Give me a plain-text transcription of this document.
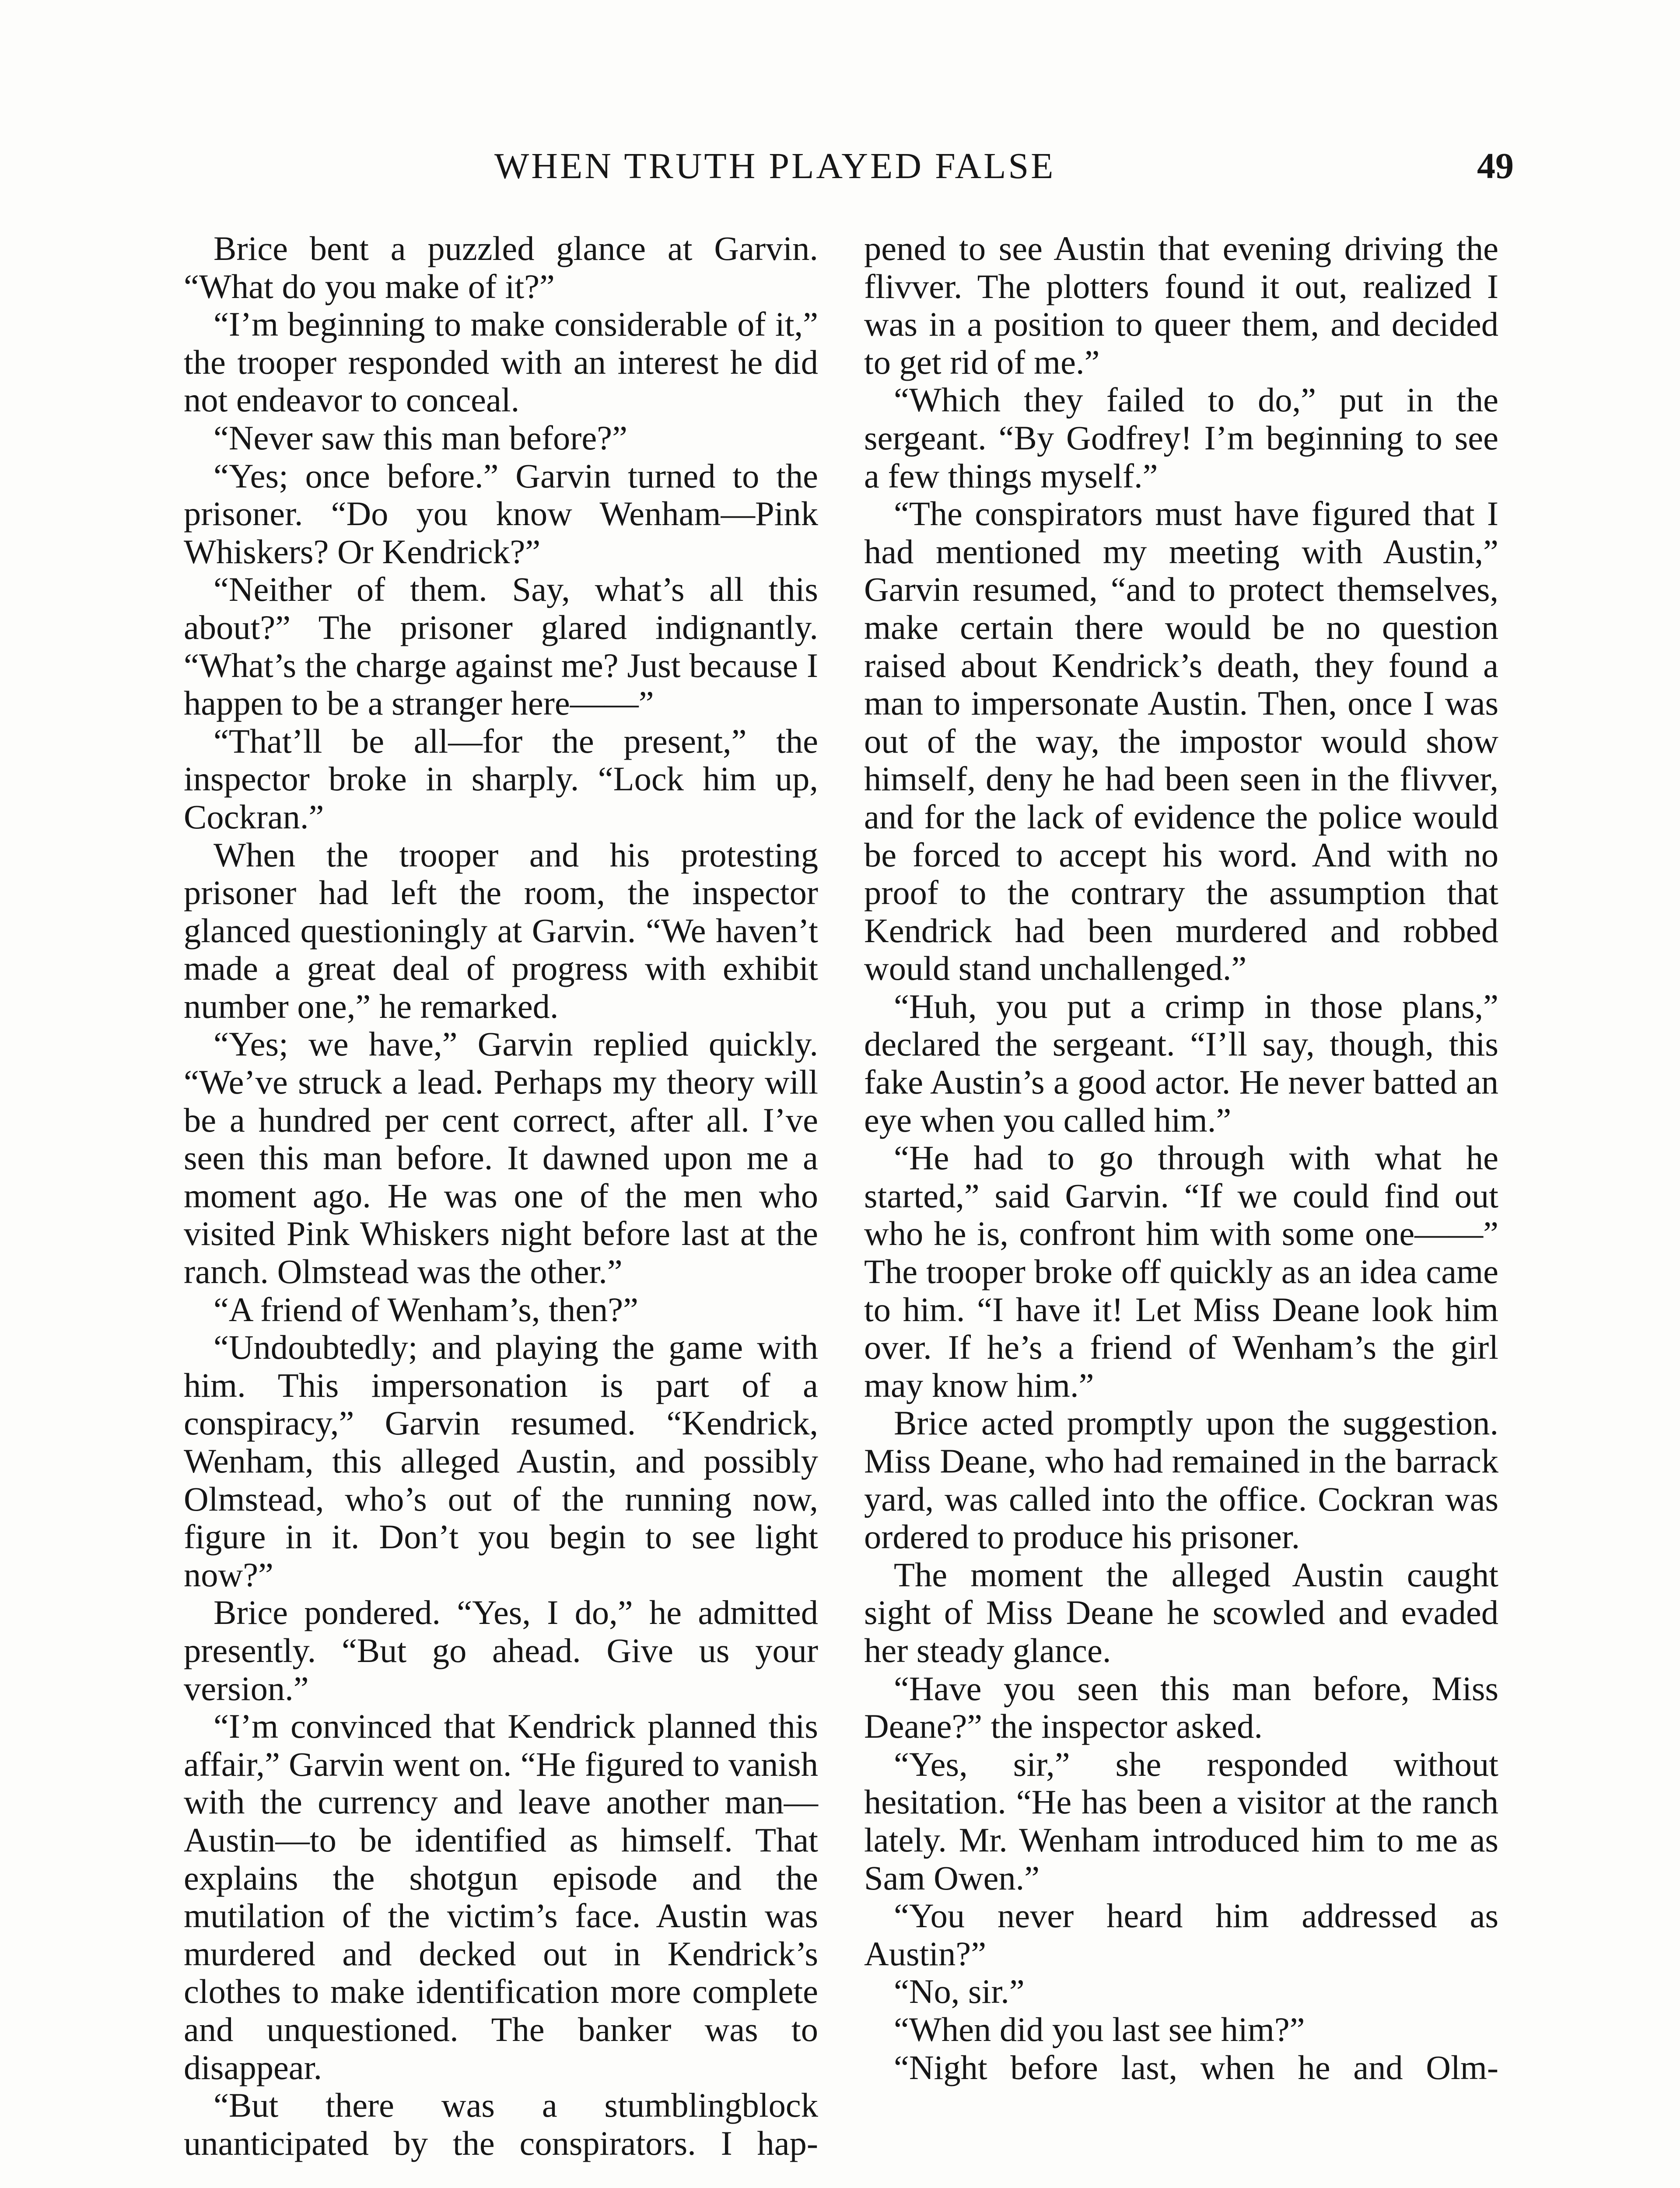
WHEN TRUTH PLAYED FALSE	49

Brice bent a puzzled glance at Garvin. “What do you make of it?”

“I’m beginning to make considerable of it,” the trooper responded with an interest he did not endeavor to conceal.

“Never saw this man before?”

“Yes; once before.” Garvin turned to the prisoner. “Do you know Wenham—Pink Whiskers? Or Kendrick?”

“Neither of them. Say, what’s all this about?” The prisoner glared indignantly. “What’s the charge against me? Just because I happen to be a stranger here——”

“That’ll be all—for the present,” the inspector broke in sharply. “Lock him up, Cockran.”

When the trooper and his protesting prisoner had left the room, the inspector glanced questioningly at Garvin. “We haven’t made a great deal of progress with exhibit number one,” he remarked.

“Yes; we have,” Garvin replied quickly. “We’ve struck a lead. Perhaps my theory will be a hundred per cent correct, after all. I’ve seen this man before. It dawned upon me a moment ago. He was one of the men who visited Pink Whiskers night before last at the ranch. Olmstead was the other.”

“A friend of Wenham’s, then?”

“Undoubtedly; and playing the game with him. This impersonation is part of a conspiracy,” Garvin resumed. “Kendrick, Wenham, this alleged Austin, and possibly Olmstead, who’s out of the running now, figure in it. Don’t you begin to see light now?”

Brice pondered. “Yes, I do,” he admitted presently. “But go ahead. Give us your version.”

“I’m convinced that Kendrick planned this affair,” Garvin went on. “He figured to vanish with the currency and leave another man—Austin—to be identified as himself. That explains the shotgun episode and the mutilation of the victim’s face. Austin was murdered and decked out in Kendrick’s clothes to make identification more complete and unquestioned. The banker was to disappear.

“But there was a stumblingblock unanticipated by the conspirators. I hap-

pened to see Austin that evening driving the flivver. The plotters found it out, realized I was in a position to queer them, and decided to get rid of me.”

“Which they failed to do,” put in the sergeant. “By Godfrey! I’m beginning to see a few things myself.”

“The conspirators must have figured that I had mentioned my meeting with Austin,” Garvin resumed, “and to protect themselves, make certain there would be no question raised about Kendrick’s death, they found a man to impersonate Austin. Then, once I was out of the way, the impostor would show himself, deny he had been seen in the flivver, and for the lack of evidence the police would be forced to accept his word. And with no proof to the contrary the assumption that Kendrick had been murdered and robbed would stand unchallenged.”

“Huh, you put a crimp in those plans,” declared the sergeant. “I’ll say, though, this fake Austin’s a good actor. He never batted an eye when you called him.”

“He had to go through with what he started,” said Garvin. “If we could find out who he is, confront him with some one——” The trooper broke off quickly as an idea came to him. “I have it! Let Miss Deane look him over. If he’s a friend of Wenham’s the girl may know him.”

Brice acted promptly upon the suggestion. Miss Deane, who had remained in the barrack yard, was called into the office. Cockran was ordered to produce his prisoner.

The moment the alleged Austin caught sight of Miss Deane he scowled and evaded her steady glance.

“Have you seen this man before, Miss Deane?” the inspector asked.

“Yes, sir,” she responded without hesitation. “He has been a visitor at the ranch lately. Mr. Wenham introduced him to me as Sam Owen.”

“You never heard him addressed as Austin?”

“No, sir.”

“When did you last see him?”

“Night before last, when he and Olm-
